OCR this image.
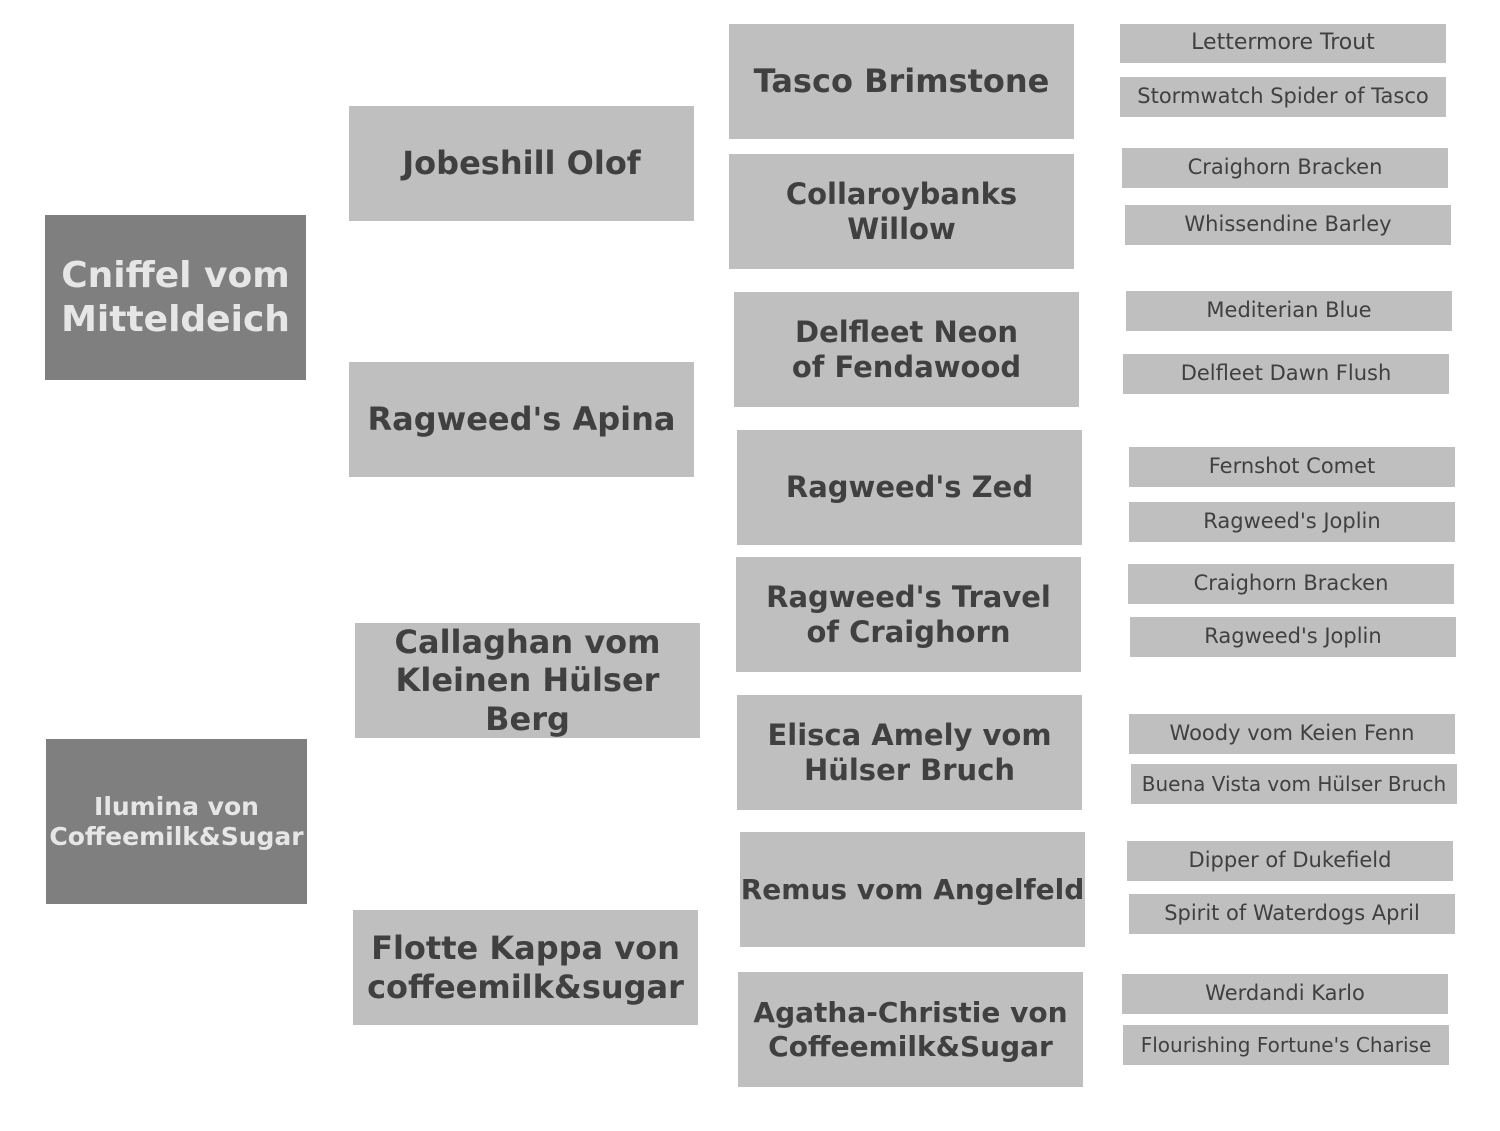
Cniffel vom
Mitteldeich
Ilumina von
Coffeemilk&Sugar
Jobeshill Olof
Ragweed's Apina
Callaghan vom
Kleinen Hülser Berg
Flotte Kappa von
coffeemilk&sugar
Tasco Brimstone
Collaroybanks Willow
Delfleet Neon
of Fendawood
Ragweed's Zed
Ragweed's Travel
of Craighorn
Elisca Amely vom
Hülser Bruch
Remus vom Angelfeld
Agatha-Christie von
Coffeemilk&Sugar
Lettermore Trout
Stormwatch Spider of Tasco
Craighorn Bracken
Whissendine Barley
Mediterian Blue
Delfleet Dawn Flush
Fernshot Comet
Ragweed's Joplin
Craighorn Bracken
Ragweed's Joplin
Woody vom Keien Fenn
Buena Vista vom Hülser Bruch
Dipper of Dukefield
Spirit of Waterdogs April
Werdandi Karlo
Flourishing Fortune's Charise
